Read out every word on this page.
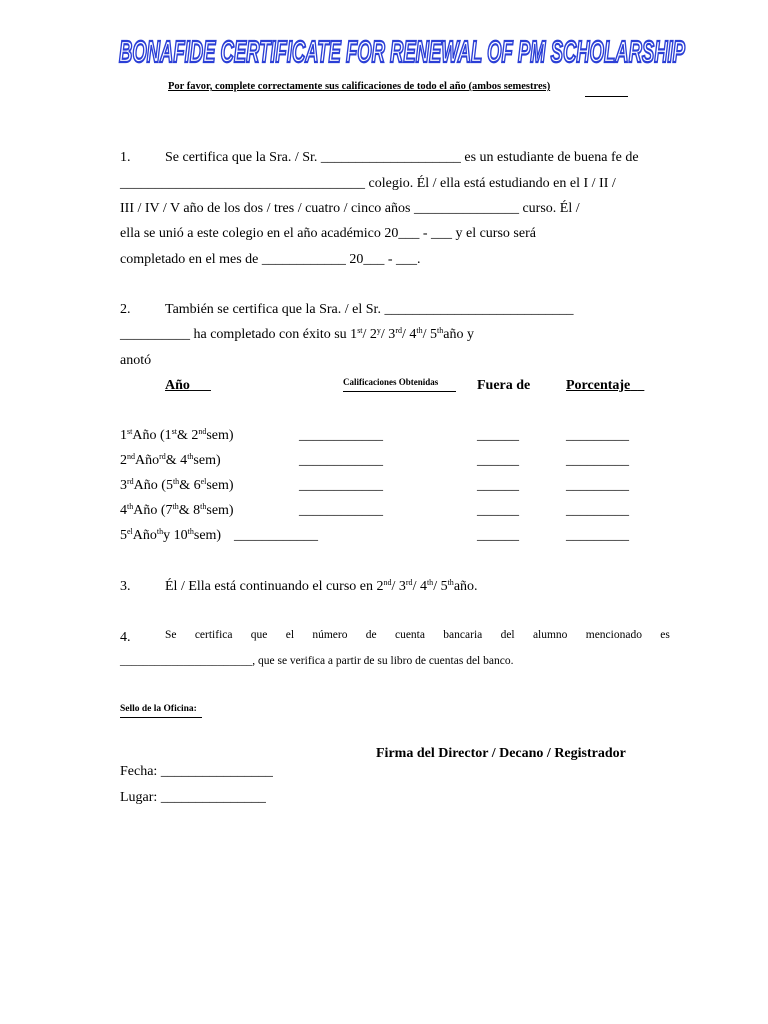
BONAFIDE CERTIFICATE FOR RENEWAL OF PM SCHOLARSHIP
Por favor, complete correctamente sus calificaciones de todo el año (ambos semestres)
1. Se certifica que la Sra. / Sr. ____________________ es un estudiante de buena fe de
___________________________________ colegio. Él / ella está estudiando en el I / II /
III / IV / V año de los dos / tres / cuatro / cinco años _______________ curso. Él /
ella se unió a este colegio en el año académico 20___ - ___ y el curso será
completado en el mes de ____________ 20___ - ___.
2. También se certifica que la Sra. / el Sr. ___________________________
__________ ha completado con éxito su 1st/ 2$^y$/ 3rd/ 4th/ 5thaño y
anotó
Año___	Calificaciones Obtenidas	Fuera de	Porcentaje__
1stAño (1st& 2ndsem)	____________	______	_________
2ndAño$^{rd}$& 4thsem)	____________	______	_________
3rdAño (5th& $6^{el}sem$)	____________	______	_________
4thAño (7th& 8thsem)	____________	______	_________
$5^{el}Año^{th}y$ 10thsem) ____________	______	_________
3. Él / Ella está continuando el curso en 2nd/ 3rd/ 4th/ 5thaño.
4.	Se certifica que el número de cuenta bancaria del alumno mencionado es
_______________________, que se verifica a partir de su libro de cuentas del banco.
Sello de la Oficina:
Firma del Director / Decano / Registrador
Fecha: ________________
Lugar: _______________
